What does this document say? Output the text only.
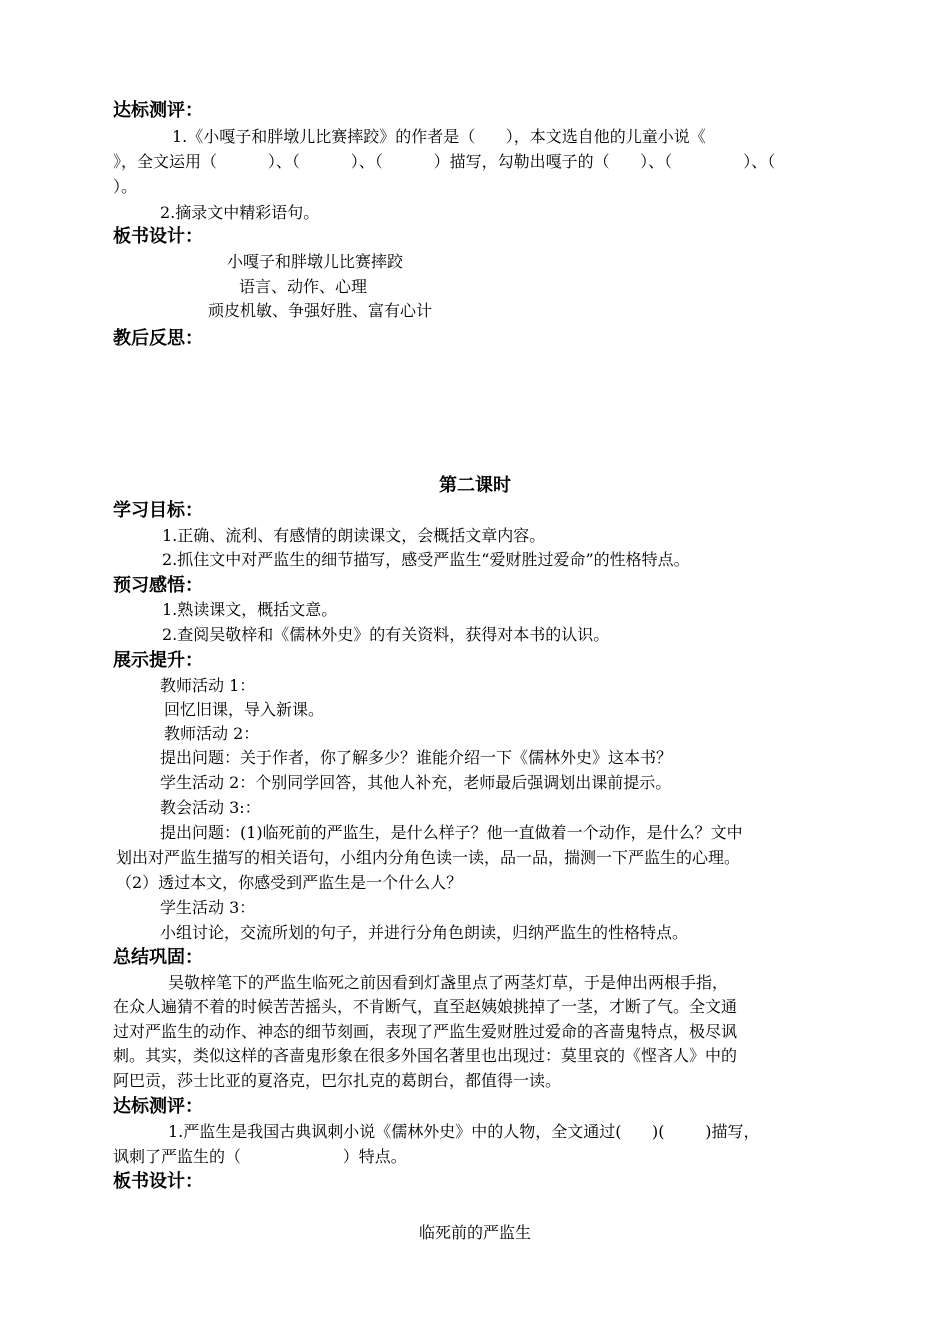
达标测评：
1.《小嘎子和胖墩儿比赛摔跤》的作者是（      ），本文选自他的儿童小说《
》，全文运用（          ）、（          ）、（          ）描写，勾勒出嘎子的（      ）、（              ）、（
）。
2.摘录文中精彩语句。
板书设计：
小嘎子和胖墩儿比赛摔跤
语言、动作、心理
顽皮机敏、争强好胜、富有心计
教后反思：
第二课时
学习目标：
1.正确、流利、有感情的朗读课文，会概括文章内容。
2.抓住文中对严监生的细节描写，感受严监生“爱财胜过爱命”的性格特点。
预习感悟：
1.熟读课文，概括文意。
2.查阅吴敬梓和《儒林外史》的有关资料，获得对本书的认识。
展示提升：
教师活动 1：
回忆旧课，导入新课。
教师活动 2：
提出问题：关于作者，你了解多少？谁能介绍一下《儒林外史》这本书？
学生活动 2：个别同学回答，其他人补充，老师最后强调划出课前提示。
教会活动 3:：
提出问题：(1)临死前的严监生，是什么样子？他一直做着一个动作，是什么？文中
划出对严监生描写的相关语句，小组内分角色读一读，品一品，揣测一下严监生的心理。
（2）透过本文，你感受到严监生是一个什么人？
学生活动 3：
小组讨论，交流所划的句子，并进行分角色朗读，归纳严监生的性格特点。
总结巩固：
吴敬梓笔下的严监生临死之前因看到灯盏里点了两茎灯草，于是伸出两根手指，
在众人遍猜不着的时候苦苦摇头，不肯断气，直至赵姨娘挑掉了一茎，才断了气。全文通
过对严监生的动作、神态的细节刻画，表现了严监生爱财胜过爱命的吝啬鬼特点，极尽讽
刺。其实，类似这样的吝啬鬼形象在很多外国名著里也出现过：莫里哀的《悭吝人》中的
阿巴贡，莎士比亚的夏洛克，巴尔扎克的葛朗台，都值得一读。
达标测评：
1.严监生是我国古典讽刺小说《儒林外史》中的人物，全文通过(      )(        )描写，
讽刺了严监生的（                    ）特点。
板书设计：
临死前的严监生
